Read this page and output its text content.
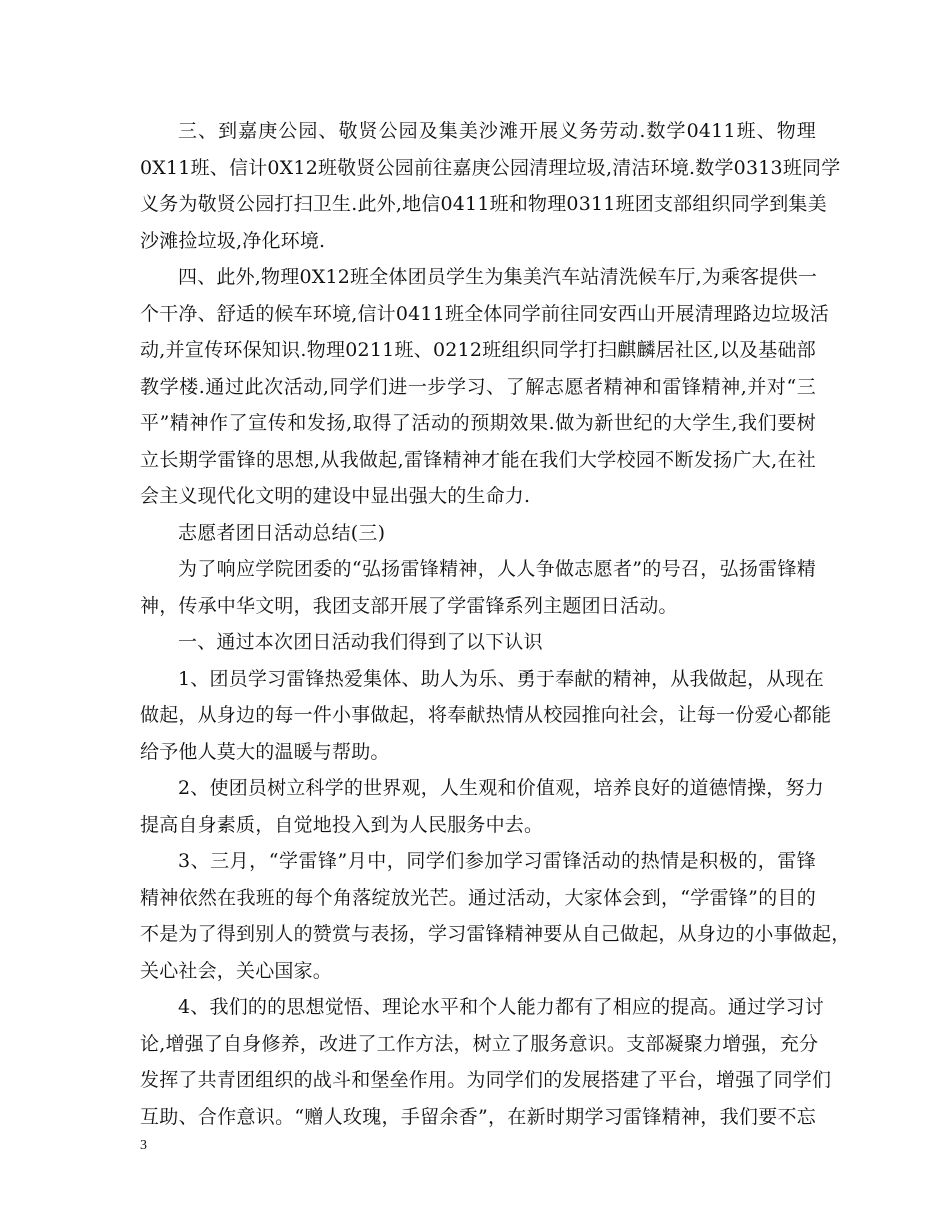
三、到嘉庚公园、敬贤公园及集美沙滩开展义务劳动.数学0411班、物理
0X11班、信计0X12班敬贤公园前往嘉庚公园清理垃圾,清洁环境.数学0313班同学
义务为敬贤公园打扫卫生.此外,地信0411班和物理0311班团支部组织同学到集美
沙滩捡垃圾,净化环境.

四、此外,物理0X12班全体团员学生为集美汽车站清洗候车厅,为乘客提供一
个干净、舒适的候车环境,信计0411班全体同学前往同安西山开展清理路边垃圾活
动,并宣传环保知识.物理0211班、0212班组织同学打扫麒麟居社区,以及基础部
教学楼.通过此次活动,同学们进一步学习、了解志愿者精神和雷锋精神,并对“三
平”精神作了宣传和发扬,取得了活动的预期效果.做为新世纪的大学生,我们要树
立长期学雷锋的思想,从我做起,雷锋精神才能在我们大学校园不断发扬广大,在社
会主义现代化文明的建设中显出强大的生命力.

志愿者团日活动总结(三)

为了响应学院团委的“弘扬雷锋精神，人人争做志愿者”的号召，弘扬雷锋精
神，传承中华文明，我团支部开展了学雷锋系列主题团日活动。

一、通过本次团日活动我们得到了以下认识

1、团员学习雷锋热爱集体、助人为乐、勇于奉献的精神，从我做起，从现在
做起，从身边的每一件小事做起，将奉献热情从校园推向社会，让每一份爱心都能
给予他人莫大的温暖与帮助。

2、使团员树立科学的世界观，人生观和价值观，培养良好的道德情操，努力
提高自身素质，自觉地投入到为人民服务中去。

3、三月，“学雷锋”月中，同学们参加学习雷锋活动的热情是积极的，雷锋
精神依然在我班的每个角落绽放光芒。通过活动，大家体会到，“学雷锋”的目的
不是为了得到别人的赞赏与表扬，学习雷锋精神要从自己做起，从身边的小事做起，
关心社会，关心国家。

4、我们的的思想觉悟、理论水平和个人能力都有了相应的提高。通过学习讨
论,增强了自身修养，改进了工作方法，树立了服务意识。支部凝聚力增强，充分
发挥了共青团组织的战斗和堡垒作用。为同学们的发展搭建了平台，增强了同学们
互助、合作意识。“赠人玫瑰，手留余香”，在新时期学习雷锋精神，我们要不忘

3
